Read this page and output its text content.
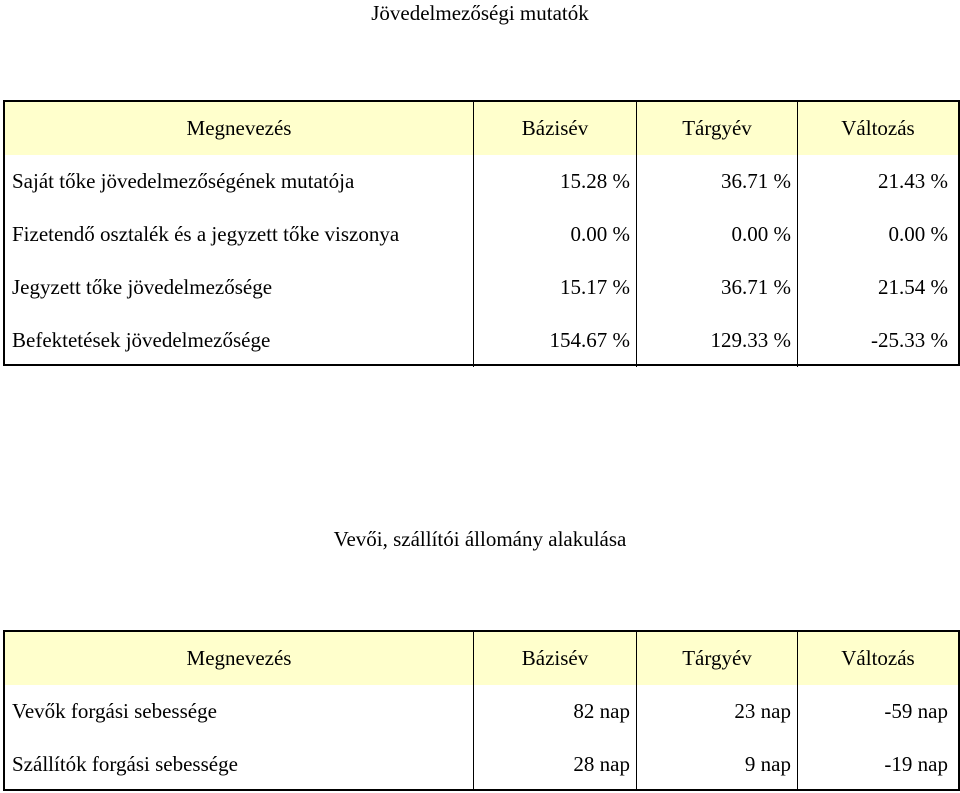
Jövedelmezőségi mutatók
Megnevezés	Bázisév	Tárgyév	Változás
Saját tőke jövedelmezőségének mutatója	15.28 %	36.71 %	21.43 %
Fizetendő osztalék és a jegyzett tőke viszonya	0.00 %	0.00 %	0.00 %
Jegyzett tőke jövedelmezősége	15.17 %	36.71 %	21.54 %
Befektetések jövedelmezősége	154.67 %	129.33 %	-25.33 %
Vevői, szállítói állomány alakulása
Megnevezés	Bázisév	Tárgyév	Változás
Vevők forgási sebessége	82 nap	23 nap	-59 nap
Szállítók forgási sebessége	28 nap	9 nap	-19 nap
